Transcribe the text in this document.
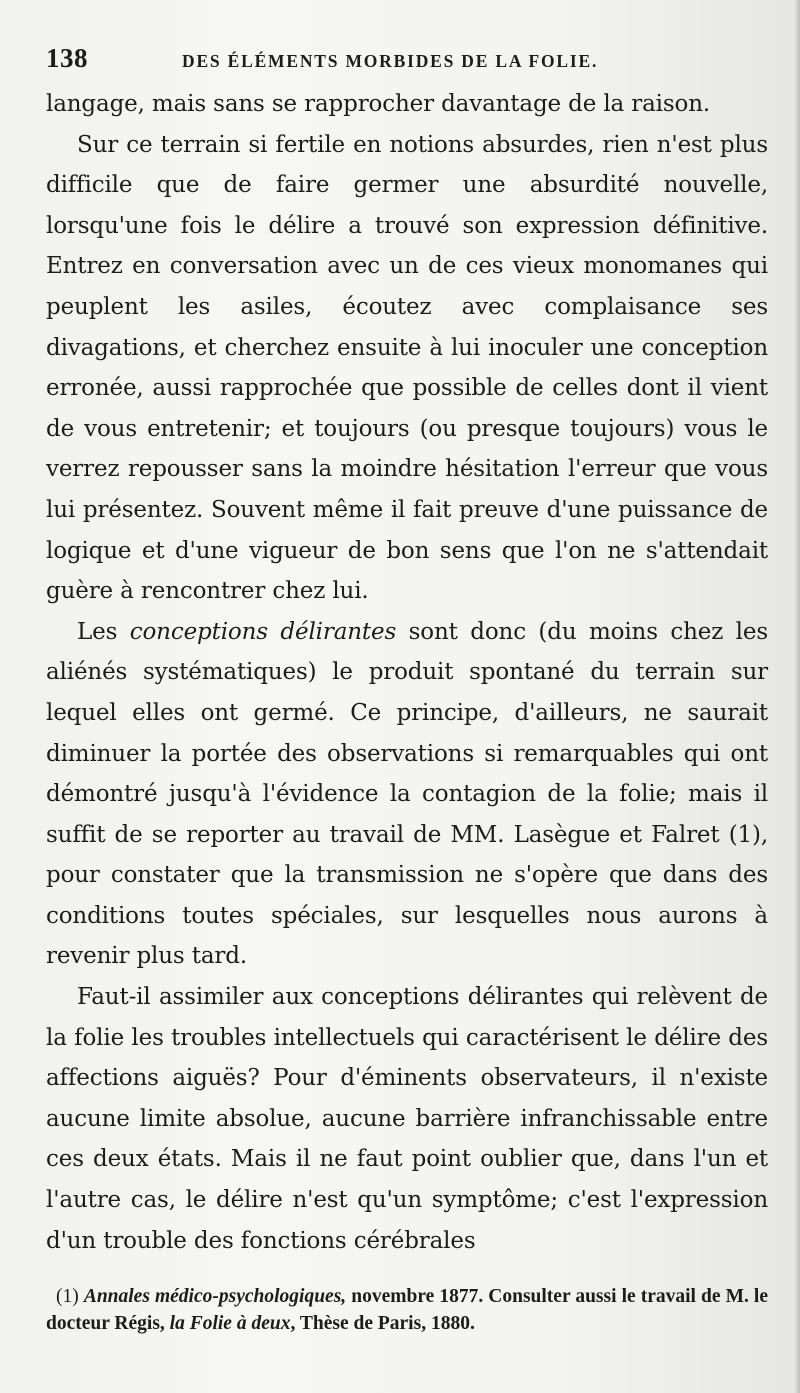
138	DES ÉLÉMENTS MORBIDES DE LA FOLIE.

langage, mais sans se rapprocher davantage de la raison.

Sur ce terrain si fertile en notions absurdes, rien n'est plus difficile que de faire germer une absurdité nouvelle, lorsqu'une fois le délire a trouvé son expression définitive. Entrez en conversation avec un de ces vieux monomanes qui peuplent les asiles, écoutez avec complaisance ses divagations, et cherchez ensuite à lui inoculer une conception erronée, aussi rapprochée que possible de celles dont il vient de vous entretenir; et toujours (ou presque toujours) vous le verrez repousser sans la moindre hésitation l'erreur que vous lui présentez. Souvent même il fait preuve d'une puissance de logique et d'une vigueur de bon sens que l'on ne s'attendait guère à rencontrer chez lui.

Les conceptions délirantes sont donc (du moins chez les aliénés systématiques) le produit spontané du terrain sur lequel elles ont germé. Ce principe, d'ailleurs, ne saurait diminuer la portée des observations si remarquables qui ont démontré jusqu'à l'évidence la contagion de la folie; mais il suffit de se reporter au travail de MM. Lasègue et Falret (1), pour constater que la transmission ne s'opère que dans des conditions toutes spéciales, sur lesquelles nous aurons à revenir plus tard.

Faut-il assimiler aux conceptions délirantes qui relèvent de la folie les troubles intellectuels qui caractérisent le délire des affections aiguës? Pour d'éminents observateurs, il n'existe aucune limite absolue, aucune barrière infranchissable entre ces deux états. Mais il ne faut point oublier que, dans l'un et l'autre cas, le délire n'est qu'un symptôme; c'est l'expression d'un trouble des fonctions cérébrales

(1) Annales médico-psychologiques, novembre 1877. Consulter aussi le travail de M. le docteur Régis, la Folie à deux, Thèse de Paris, 1880.
